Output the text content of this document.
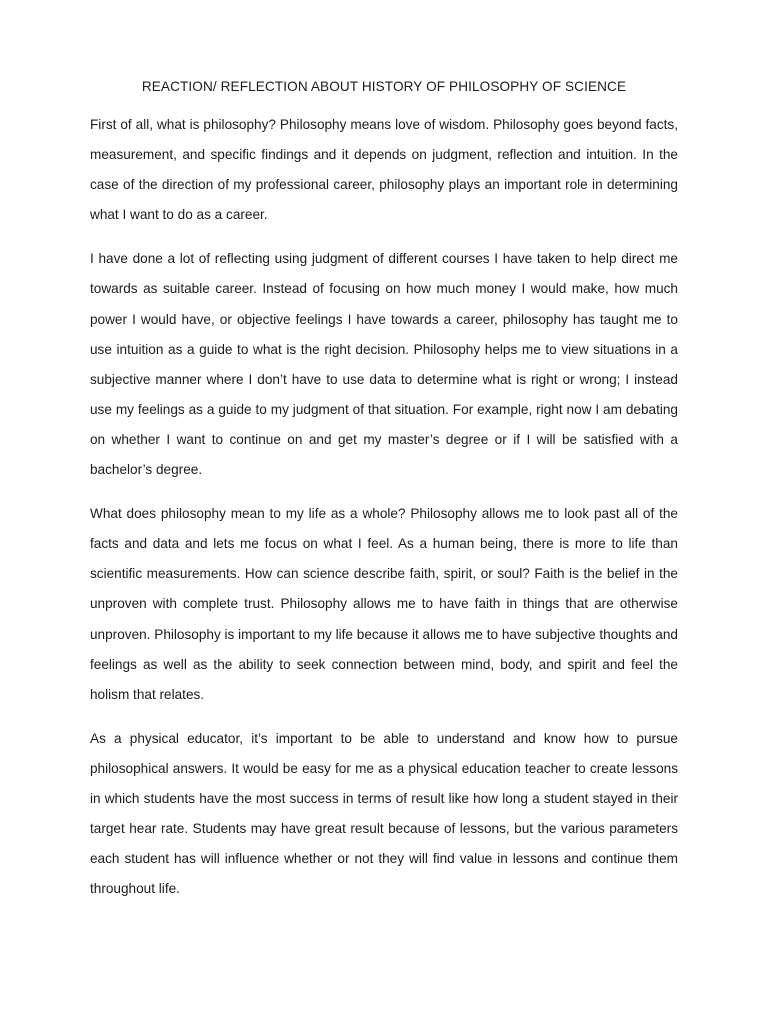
REACTION/ REFLECTION ABOUT HISTORY OF PHILOSOPHY OF SCIENCE

First of all, what is philosophy? Philosophy means love of wisdom. Philosophy goes beyond facts, measurement, and specific findings and it depends on judgment, reflection and intuition. In the case of the direction of my professional career, philosophy plays an important role in determining what I want to do as a career.

I have done a lot of reflecting using judgment of different courses I have taken to help direct me towards as suitable career. Instead of focusing on how much money I would make, how much power I would have, or objective feelings I have towards a career, philosophy has taught me to use intuition as a guide to what is the right decision. Philosophy helps me to view situations in a subjective manner where I don’t have to use data to determine what is right or wrong; I instead use my feelings as a guide to my judgment of that situation. For example, right now I am debating on whether I want to continue on and get my master’s degree or if I will be satisfied with a bachelor’s degree.

What does philosophy mean to my life as a whole? Philosophy allows me to look past all of the facts and data and lets me focus on what I feel. As a human being, there is more to life than scientific measurements. How can science describe faith, spirit, or soul? Faith is the belief in the unproven with complete trust. Philosophy allows me to have faith in things that are otherwise unproven. Philosophy is important to my life because it allows me to have subjective thoughts and feelings as well as the ability to seek connection between mind, body, and spirit and feel the holism that relates.

As a physical educator, it’s important to be able to understand and know how to pursue philosophical answers. It would be easy for me as a physical education teacher to create lessons in which students have the most success in terms of result like how long a student stayed in their target hear rate. Students may have great result because of lessons, but the various parameters each student has will influence whether or not they will find value in lessons and continue them throughout life.
